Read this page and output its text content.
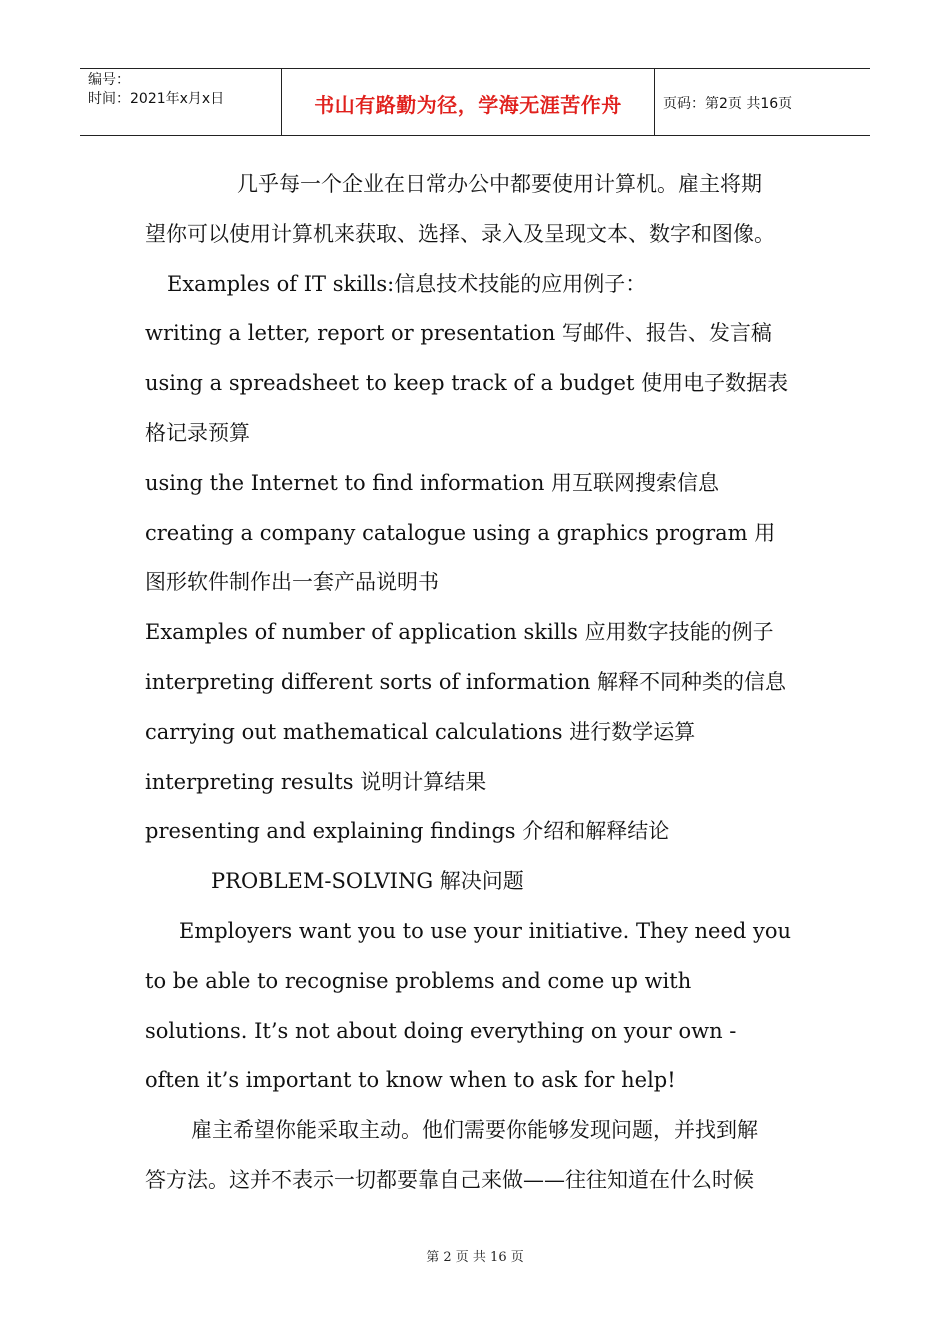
编号：
时间：2021年x月x日	书山有路勤为径，学海无涯苦作舟	页码：第2页 共16页
几乎每一个企业在日常办公中都要使用计算机。雇主将期
望你可以使用计算机来获取、选择、录入及呈现文本、数字和图像。
Examples of IT skills:信息技术技能的应用例子：
writing a letter, report or presentation 写邮件、报告、发言稿
using a spreadsheet to keep track of a budget 使用电子数据表
格记录预算
using the Internet to find information 用互联网搜索信息
creating a company catalogue using a graphics program 用
图形软件制作出一套产品说明书
Examples of number of application skills 应用数字技能的例子
interpreting different sorts of information 解释不同种类的信息
carrying out mathematical calculations 进行数学运算
interpreting results 说明计算结果
presenting and explaining findings 介绍和解释结论
PROBLEM-SOLVING 解决问题
Employers want you to use your initiative. They need you
to be able to recognise problems and come up with
solutions. It’s not about doing everything on your own -
often it’s important to know when to ask for help!
雇主希望你能采取主动。他们需要你能够发现问题，并找到解
答方法。这并不表示一切都要靠自己来做——往往知道在什么时候
第 2 页 共 16 页
